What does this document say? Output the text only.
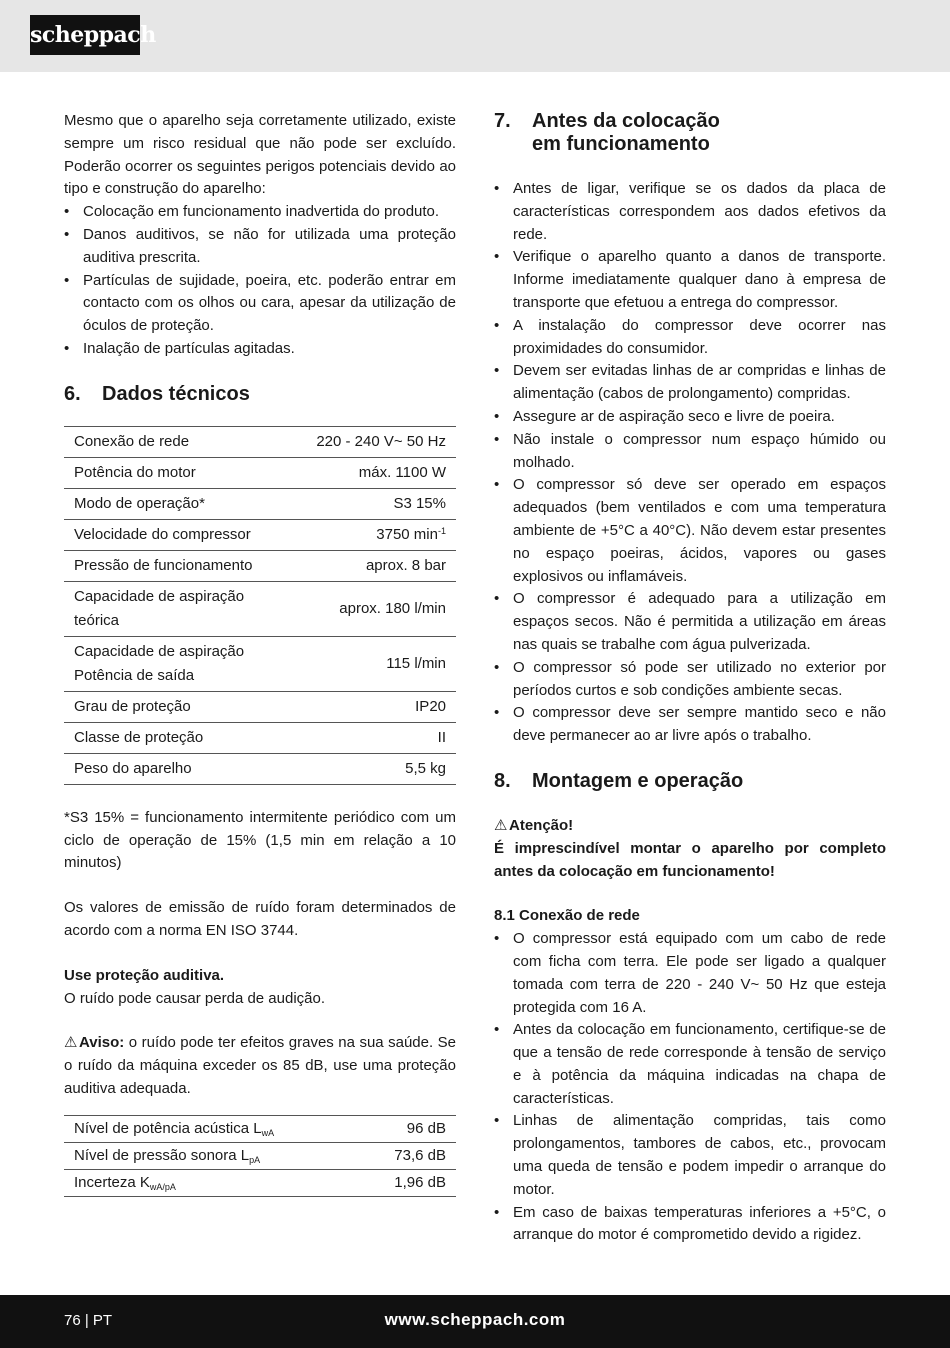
scheppach

Mesmo que o aparelho seja corretamente utilizado, existe sempre um risco residual que não pode ser excluído. Poderão ocorrer os seguintes perigos potenciais devido ao tipo e construção do aparelho:

• Colocação em funcionamento inadvertida do produto.
• Danos auditivos, se não for utilizada uma proteção auditiva prescrita.
• Partículas de sujidade, poeira, etc. poderão entrar em contacto com os olhos ou cara, apesar da utilização de óculos de proteção.
• Inalação de partículas agitadas.
6.	Dados técnicos
Conexão de rede	220 - 240 V~ 50 Hz
Potência do motor	máx. 1100 W
Modo de operação*	S3 15%
Velocidade do compressor	3750 $\min^{-1}$
Pressão de funcionamento	aprox. 8 bar
Capacidade de aspiração
teórica	aprox. 180 l/min
Capacidade de aspiração
Potência de saída	115 l/min
Grau de proteção	IP20
Classe de proteção	II
Peso do aparelho	5,5 kg

*S3 15% = funcionamento intermitente periódico com um ciclo de operação de 15% (1,5 min em relação a 10 minutos)

Os valores de emissão de ruído foram determinados de acordo com a norma EN ISO 3744.

Use proteção auditiva.

O ruído pode causar perda de audição.

⚠ Aviso: o ruído pode ter efeitos graves na sua saúde. Se o ruído da máquina exceder os 85 dB, use uma proteção auditiva adequada.

Nível de potência acústica $L_{wA}$	96 dB
Nível de pressão sonora $L_{pA}$	73,6 dB
Incerteza $K_{wA/pA}$	1,96 dB
7.	Antes da colocação
em funcionamento
• Antes de ligar, verifique se os dados da placa de características correspondem aos dados efetivos da rede.
• Verifique o aparelho quanto a danos de transporte. Informe imediatamente qualquer dano à empresa de transporte que efetuou a entrega do compressor.
• A instalação do compressor deve ocorrer nas proximidades do consumidor.
• Devem ser evitadas linhas de ar compridas e linhas de alimentação (cabos de prolongamento) compridas.
• Assegure ar de aspiração seco e livre de poeira.
• Não instale o compressor num espaço húmido ou molhado.
• O compressor só deve ser operado em espaços adequados (bem ventilados e com uma temperatura ambiente de +5°C a 40°C). Não devem estar presentes no espaço poeiras, ácidos, vapores ou gases explosivos ou inflamáveis.
• O compressor é adequado para a utilização em espaços secos. Não é permitida a utilização em áreas nas quais se trabalhe com água pulverizada.
• O compressor só pode ser utilizado no exterior por períodos curtos e sob condições ambiente secas.
• O compressor deve ser sempre mantido seco e não deve permanecer ao ar livre após o trabalho.
8.	Montagem e operação

⚠ Atenção!

É imprescindível montar o aparelho por completo antes da colocação em funcionamento!

8.1 Conexão de rede

• O compressor está equipado com um cabo de rede com ficha com terra. Ele pode ser ligado a qualquer tomada com terra de 220 - 240 V~ 50 Hz que esteja protegida com 16 A.
• Antes da colocação em funcionamento, certifique-se de que a tensão de rede corresponde à tensão de serviço e à potência da máquina indicadas na chapa de características.
• Linhas de alimentação compridas, tais como prolongamentos, tambores de cabos, etc., provocam uma queda de tensão e podem impedir o arranque do motor.
• Em caso de baixas temperaturas inferiores a +5°C, o arranque do motor é comprometido devido a rigidez.
76 | PT	www.scheppach.com
